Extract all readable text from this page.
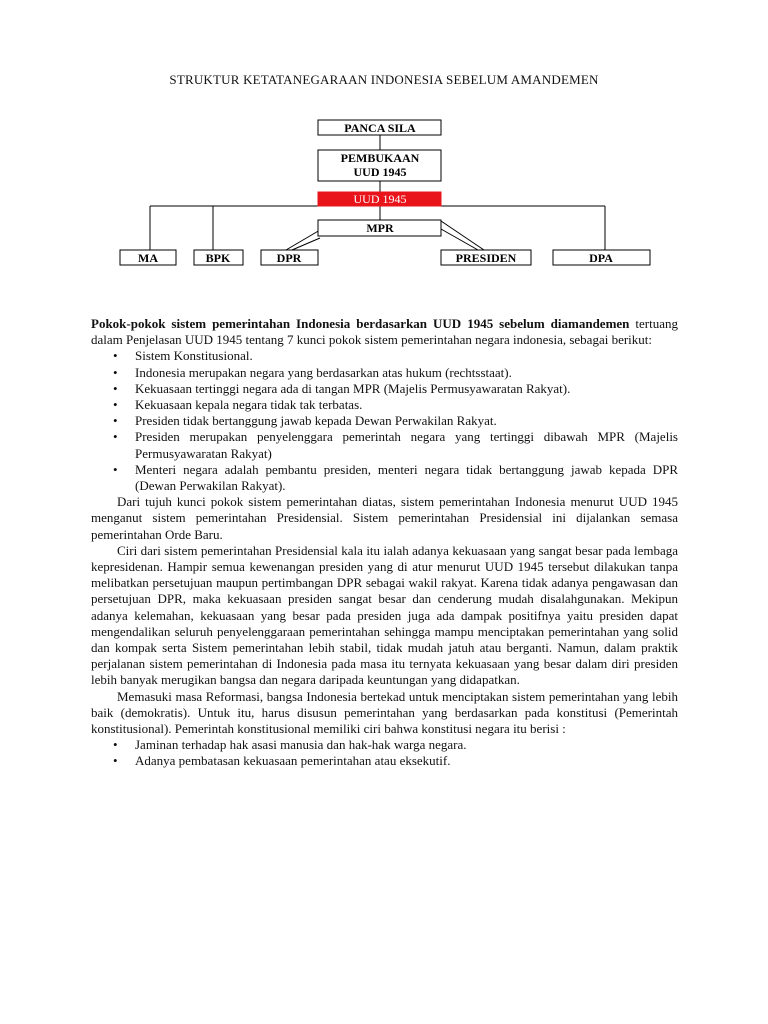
STRUKTUR KETATANEGARAAN INDONESIA SEBELUM AMANDEMEN
PANCA SILA
PEMBUKAAN
UUD 1945
UUD 1945
MPR
MA	BPK	DPR	PRESIDEN	DPA

Pokok-pokok sistem pemerintahan Indonesia berdasarkan UUD 1945 sebelum diamandemen tertuang dalam Penjelasan UUD 1945 tentang 7 kunci pokok sistem pemerintahan negara indonesia, sebagai berikut:

• Sistem Konstitusional.
• Indonesia merupakan negara yang berdasarkan atas hukum (rechtsstaat).
• Kekuasaan tertinggi negara ada di tangan MPR (Majelis Permusyawaratan Rakyat).
• Kekuasaan kepala negara tidak tak terbatas.
• Presiden tidak bertanggung jawab kepada Dewan Perwakilan Rakyat.
• Presiden merupakan penyelenggara pemerintah negara yang tertinggi dibawah MPR (Majelis Permusyawaratan Rakyat)
• Menteri negara adalah pembantu presiden, menteri negara tidak bertanggung jawab kepada DPR (Dewan Perwakilan Rakyat).

Dari tujuh kunci pokok sistem pemerintahan diatas, sistem pemerintahan Indonesia menurut UUD 1945 menganut sistem pemerintahan Presidensial. Sistem pemerintahan Presidensial ini dijalankan semasa pemerintahan Orde Baru.

Ciri dari sistem pemerintahan Presidensial kala itu ialah adanya kekuasaan yang sangat besar pada lembaga kepresidenan. Hampir semua kewenangan presiden yang di atur menurut UUD 1945 tersebut dilakukan tanpa melibatkan persetujuan maupun pertimbangan DPR sebagai wakil rakyat. Karena tidak adanya pengawasan dan persetujuan DPR, maka kekuasaan presiden sangat besar dan cenderung mudah disalahgunakan. Mekipun adanya kelemahan, kekuasaan yang besar pada presiden juga ada dampak positifnya yaitu presiden dapat mengendalikan seluruh penyelenggaraan pemerintahan sehingga mampu menciptakan pemerintahan yang solid dan kompak serta Sistem pemerintahan lebih stabil, tidak mudah jatuh atau berganti. Namun, dalam praktik perjalanan sistem pemerintahan di Indonesia pada masa itu ternyata kekuasaan yang besar dalam diri presiden lebih banyak merugikan bangsa dan negara daripada keuntungan yang didapatkan.

Memasuki masa Reformasi, bangsa Indonesia bertekad untuk menciptakan sistem pemerintahan yang lebih baik (demokratis). Untuk itu, harus disusun pemerintahan yang berdasarkan pada konstitusi (Pemerintah konstitusional). Pemerintah konstitusional memiliki ciri bahwa konstitusi negara itu berisi :

• Jaminan terhadap hak asasi manusia dan hak-hak warga negara.
• Adanya pembatasan kekuasaan pemerintahan atau eksekutif.
